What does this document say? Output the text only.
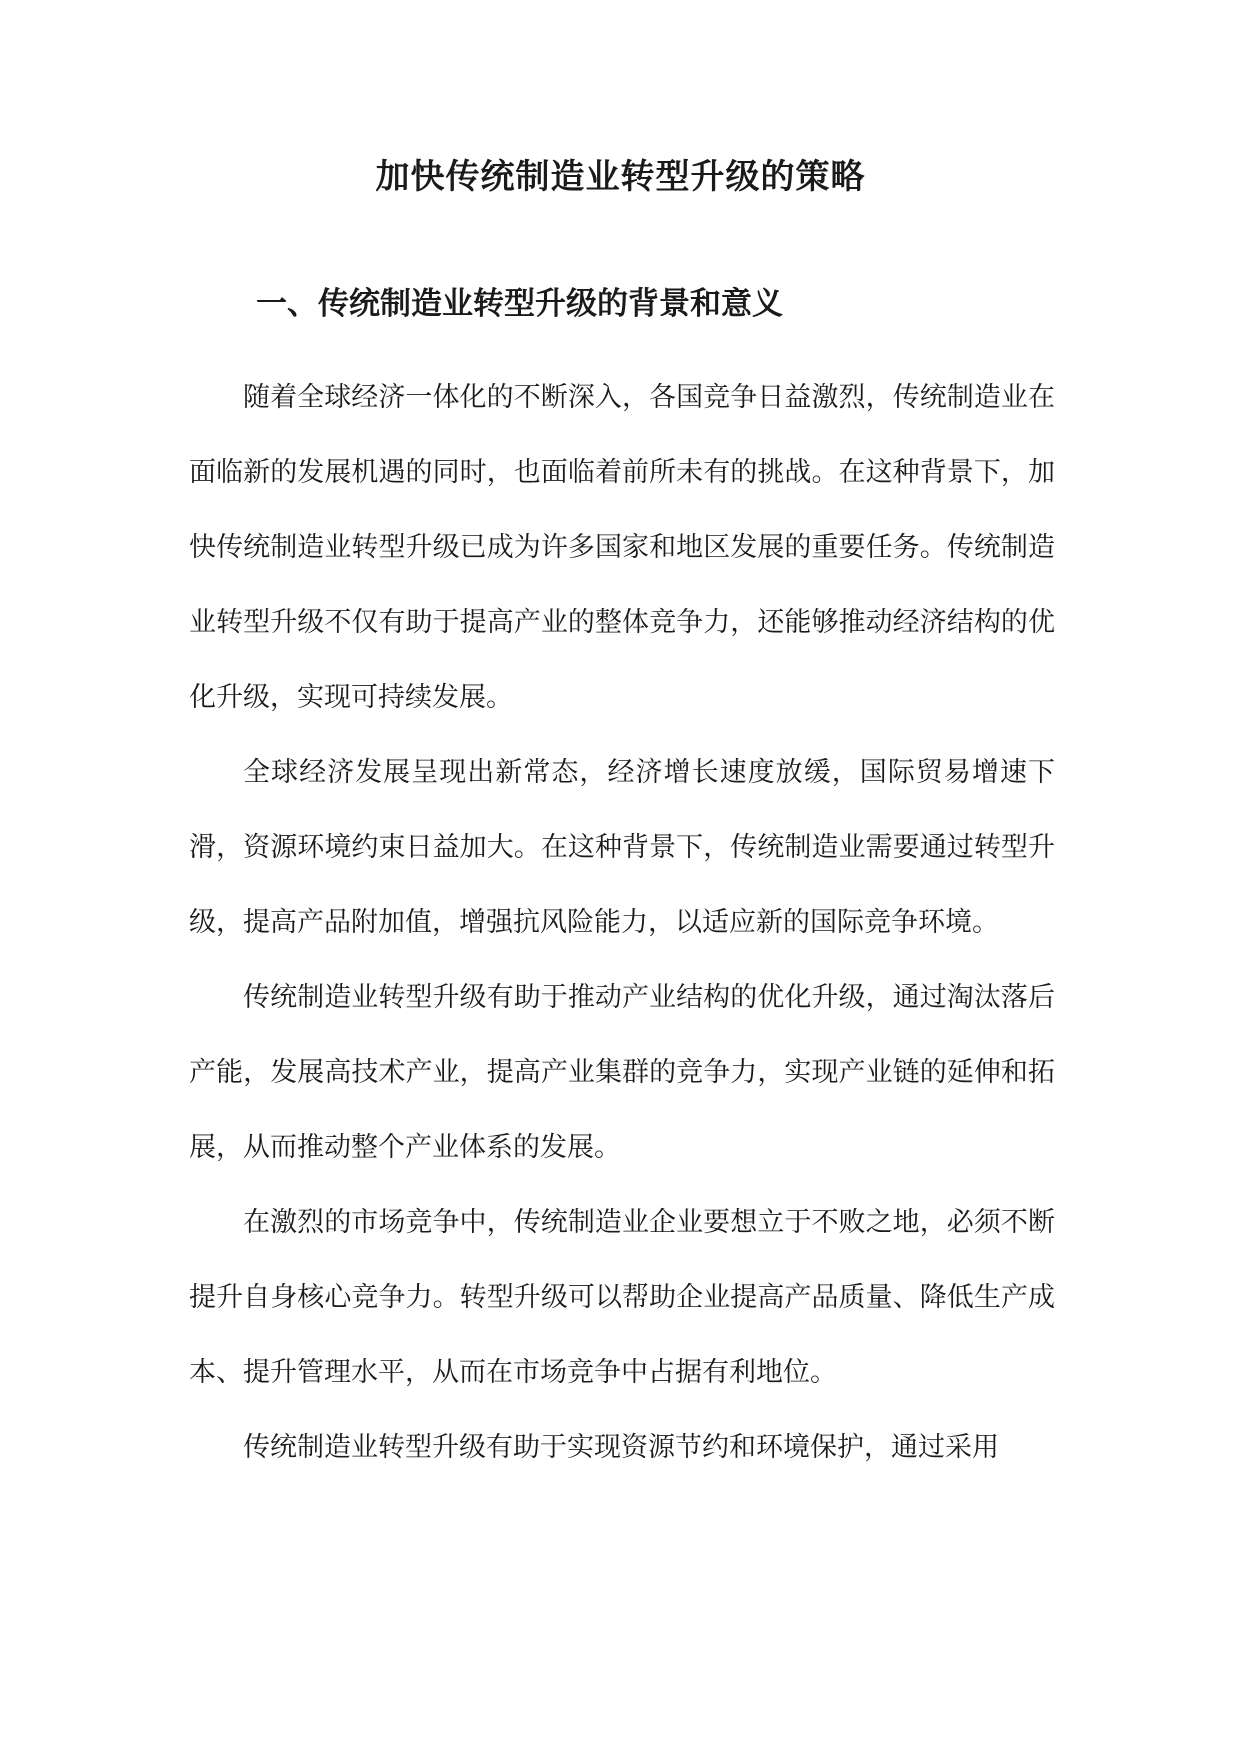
加快传统制造业转型升级的策略
一、传统制造业转型升级的背景和意义

随着全球经济一体化的不断深入，各国竞争日益激烈，传统制造业在面临新的发展机遇的同时，也面临着前所未有的挑战。在这种背景下，加快传统制造业转型升级已成为许多国家和地区发展的重要任务。传统制造业转型升级不仅有助于提高产业的整体竞争力，还能够推动经济结构的优化升级，实现可持续发展。

全球经济发展呈现出新常态，经济增长速度放缓，国际贸易增速下滑，资源环境约束日益加大。在这种背景下，传统制造业需要通过转型升级，提高产品附加值，增强抗风险能力，以适应新的国际竞争环境。

传统制造业转型升级有助于推动产业结构的优化升级，通过淘汰落后产能，发展高技术产业，提高产业集群的竞争力，实现产业链的延伸和拓展，从而推动整个产业体系的发展。

在激烈的市场竞争中，传统制造业企业要想立于不败之地，必须不断提升自身核心竞争力。转型升级可以帮助企业提高产品质量、降低生产成本、提升管理水平，从而在市场竞争中占据有利地位。

传统制造业转型升级有助于实现资源节约和环境保护，通过采用
